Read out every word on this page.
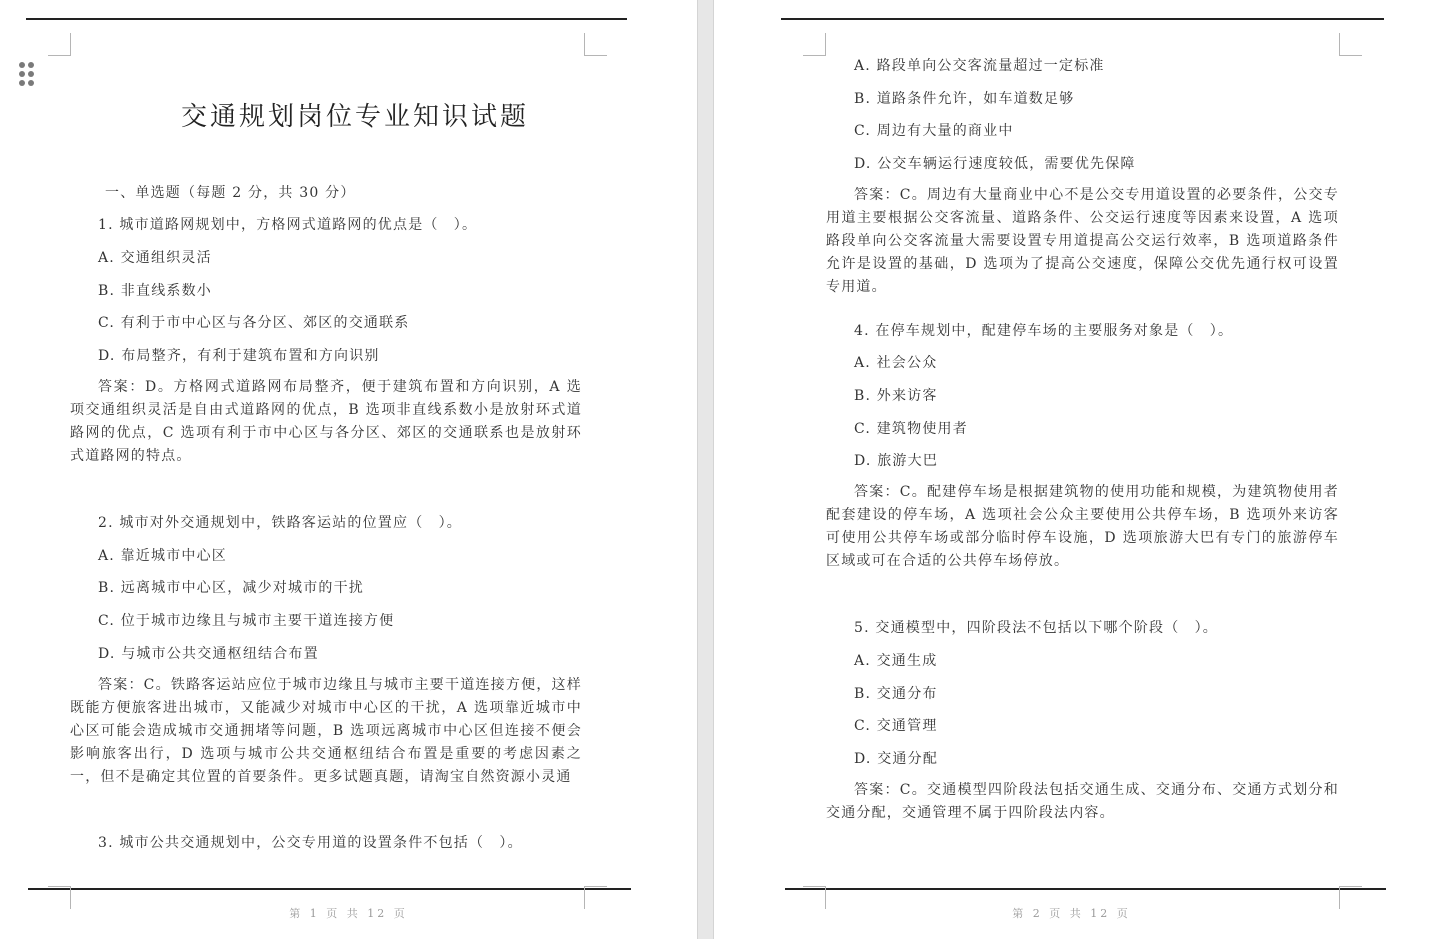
交通规划岗位专业知识试题
一、单选题（每题 2 分，共 30 分）
1. 城市道路网规划中，方格网式道路网的优点是（　）。
A. 交通组织灵活
B. 非直线系数小
C. 有利于市中心区与各分区、郊区的交通联系
D. 布局整齐，有利于建筑布置和方向识别

答案：D。方格网式道路网布局整齐，便于建筑布置和方向识别，A 选项交通组织灵活是自由式道路网的优点，B 选项非直线系数小是放射环式道路网的优点，C 选项有利于市中心区与各分区、郊区的交通联系也是放射环式道路网的特点。

2. 城市对外交通规划中，铁路客运站的位置应（　）。
A. 靠近城市中心区
B. 远离城市中心区，减少对城市的干扰
C. 位于城市边缘且与城市主要干道连接方便
D. 与城市公共交通枢纽结合布置

答案：C。铁路客运站应位于城市边缘且与城市主要干道连接方便，这样既能方便旅客进出城市，又能减少对城市中心区的干扰，A 选项靠近城市中心区可能会造成城市交通拥堵等问题，B 选项远离城市中心区但连接不便会影响旅客出行，D 选项与城市公共交通枢纽结合布置是重要的考虑因素之一，但不是确定其位置的首要条件。更多试题真题，请淘宝自然资源小灵通

3. 城市公共交通规划中，公交专用道的设置条件不包括（　）。
第 1 页 共 12 页
A. 路段单向公交客流量超过一定标准
B. 道路条件允许，如车道数足够
C. 周边有大量的商业中
D. 公交车辆运行速度较低，需要优先保障

答案：C。周边有大量商业中心不是公交专用道设置的必要条件，公交专用道主要根据公交客流量、道路条件、公交运行速度等因素来设置，A 选项路段单向公交客流量大需要设置专用道提高公交运行效率，B 选项道路条件允许是设置的基础，D 选项为了提高公交速度，保障公交优先通行权可设置专用道。

4. 在停车规划中，配建停车场的主要服务对象是（　）。
A. 社会公众
B. 外来访客
C. 建筑物使用者
D. 旅游大巴

答案：C。配建停车场是根据建筑物的使用功能和规模，为建筑物使用者配套建设的停车场，A 选项社会公众主要使用公共停车场，B 选项外来访客可使用公共停车场或部分临时停车设施，D 选项旅游大巴有专门的旅游停车区域或可在合适的公共停车场停放。

5. 交通模型中，四阶段法不包括以下哪个阶段（　）。
A. 交通生成
B. 交通分布
C. 交通管理
D. 交通分配

答案：C。交通模型四阶段法包括交通生成、交通分布、交通方式划分和交通分配，交通管理不属于四阶段法内容。

第 2 页 共 12 页
